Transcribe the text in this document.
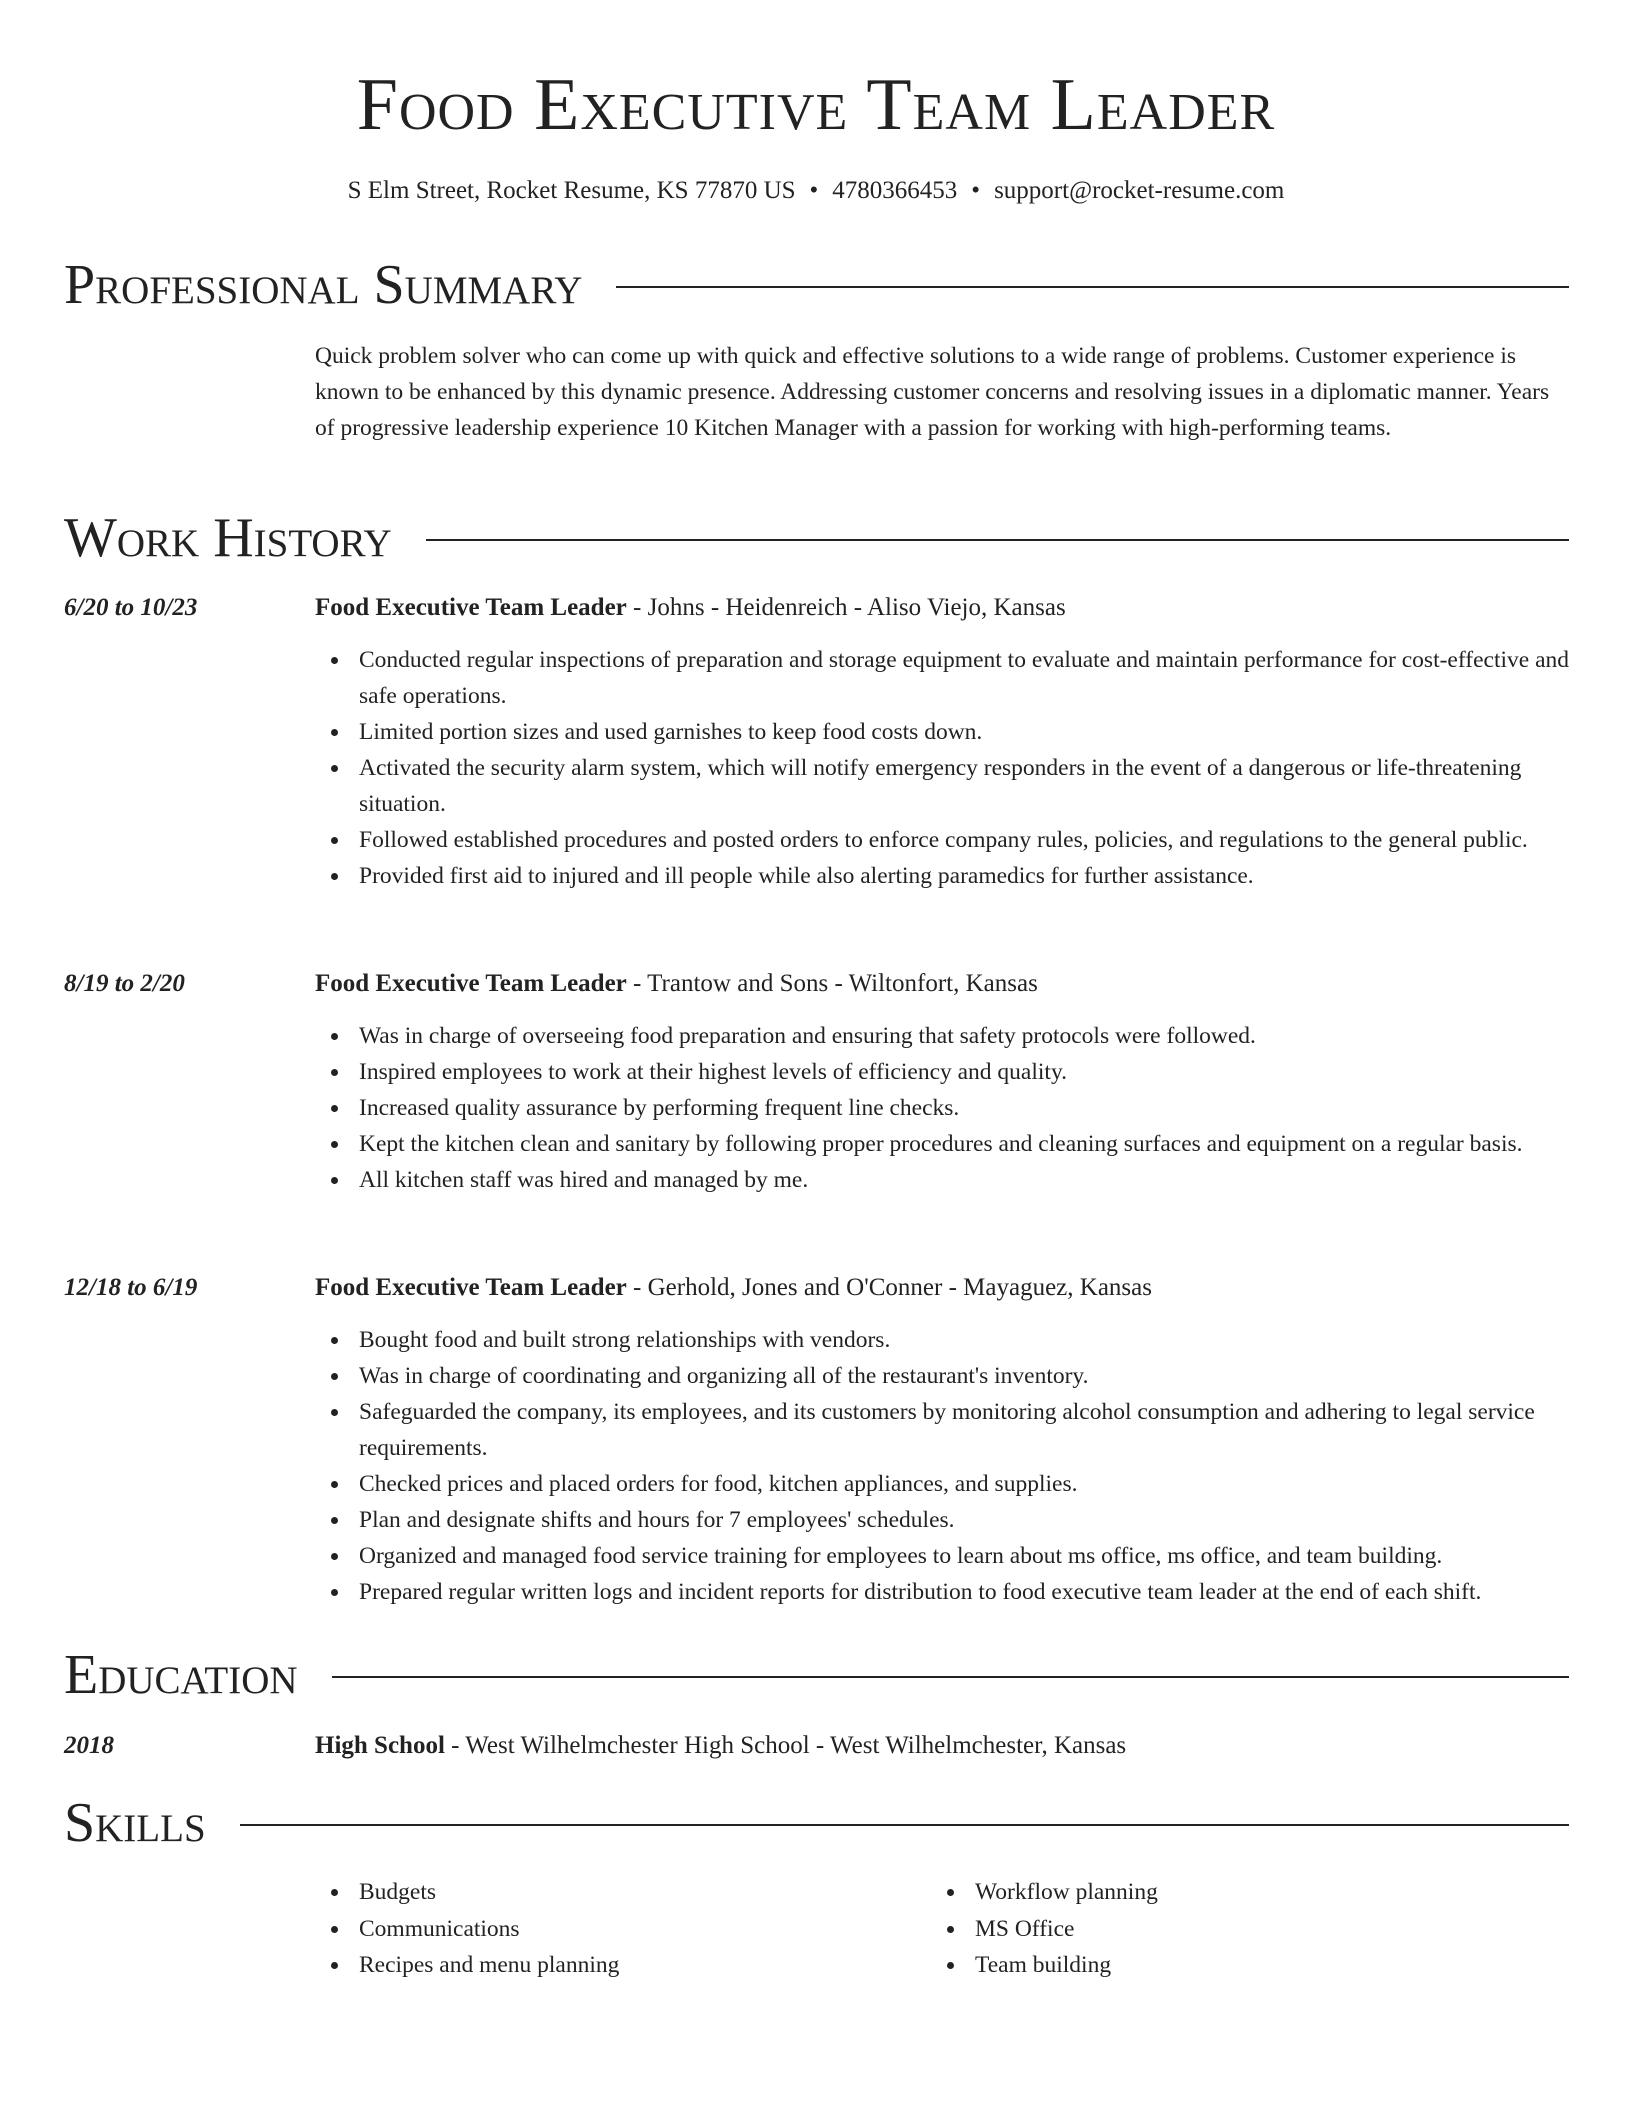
Food Executive Team Leader
S Elm Street, Rocket Resume, KS 77870 US • 4780366453 • support@rocket-resume.com
Professional Summary
Quick problem solver who can come up with quick and effective solutions to a wide range of problems. Customer experience is known to be enhanced by this dynamic presence. Addressing customer concerns and resolving issues in a diplomatic manner. Years of progressive leadership experience 10 Kitchen Manager with a passion for working with high-performing teams.
Work History
6/20 to 10/23	Food Executive Team Leader - Johns - Heidenreich - Aliso Viejo, Kansas
Conducted regular inspections of preparation and storage equipment to evaluate and maintain performance for cost-effective and safe operations.
Limited portion sizes and used garnishes to keep food costs down.
Activated the security alarm system, which will notify emergency responders in the event of a dangerous or life-threatening situation.
Followed established procedures and posted orders to enforce company rules, policies, and regulations to the general public.
Provided first aid to injured and ill people while also alerting paramedics for further assistance.
8/19 to 2/20	Food Executive Team Leader - Trantow and Sons - Wiltonfort, Kansas
Was in charge of overseeing food preparation and ensuring that safety protocols were followed.
Inspired employees to work at their highest levels of efficiency and quality.
Increased quality assurance by performing frequent line checks.
Kept the kitchen clean and sanitary by following proper procedures and cleaning surfaces and equipment on a regular basis.
All kitchen staff was hired and managed by me.
12/18 to 6/19	Food Executive Team Leader - Gerhold, Jones and O'Conner - Mayaguez, Kansas
Bought food and built strong relationships with vendors.
Was in charge of coordinating and organizing all of the restaurant's inventory.
Safeguarded the company, its employees, and its customers by monitoring alcohol consumption and adhering to legal service requirements.
Checked prices and placed orders for food, kitchen appliances, and supplies.
Plan and designate shifts and hours for 7 employees' schedules.
Organized and managed food service training for employees to learn about ms office, ms office, and team building.
Prepared regular written logs and incident reports for distribution to food executive team leader at the end of each shift.
Education
2018	High School - West Wilhelmchester High School - West Wilhelmchester, Kansas
Skills
Budgets
Communications
Recipes and menu planning
Workflow planning
MS Office
Team building
